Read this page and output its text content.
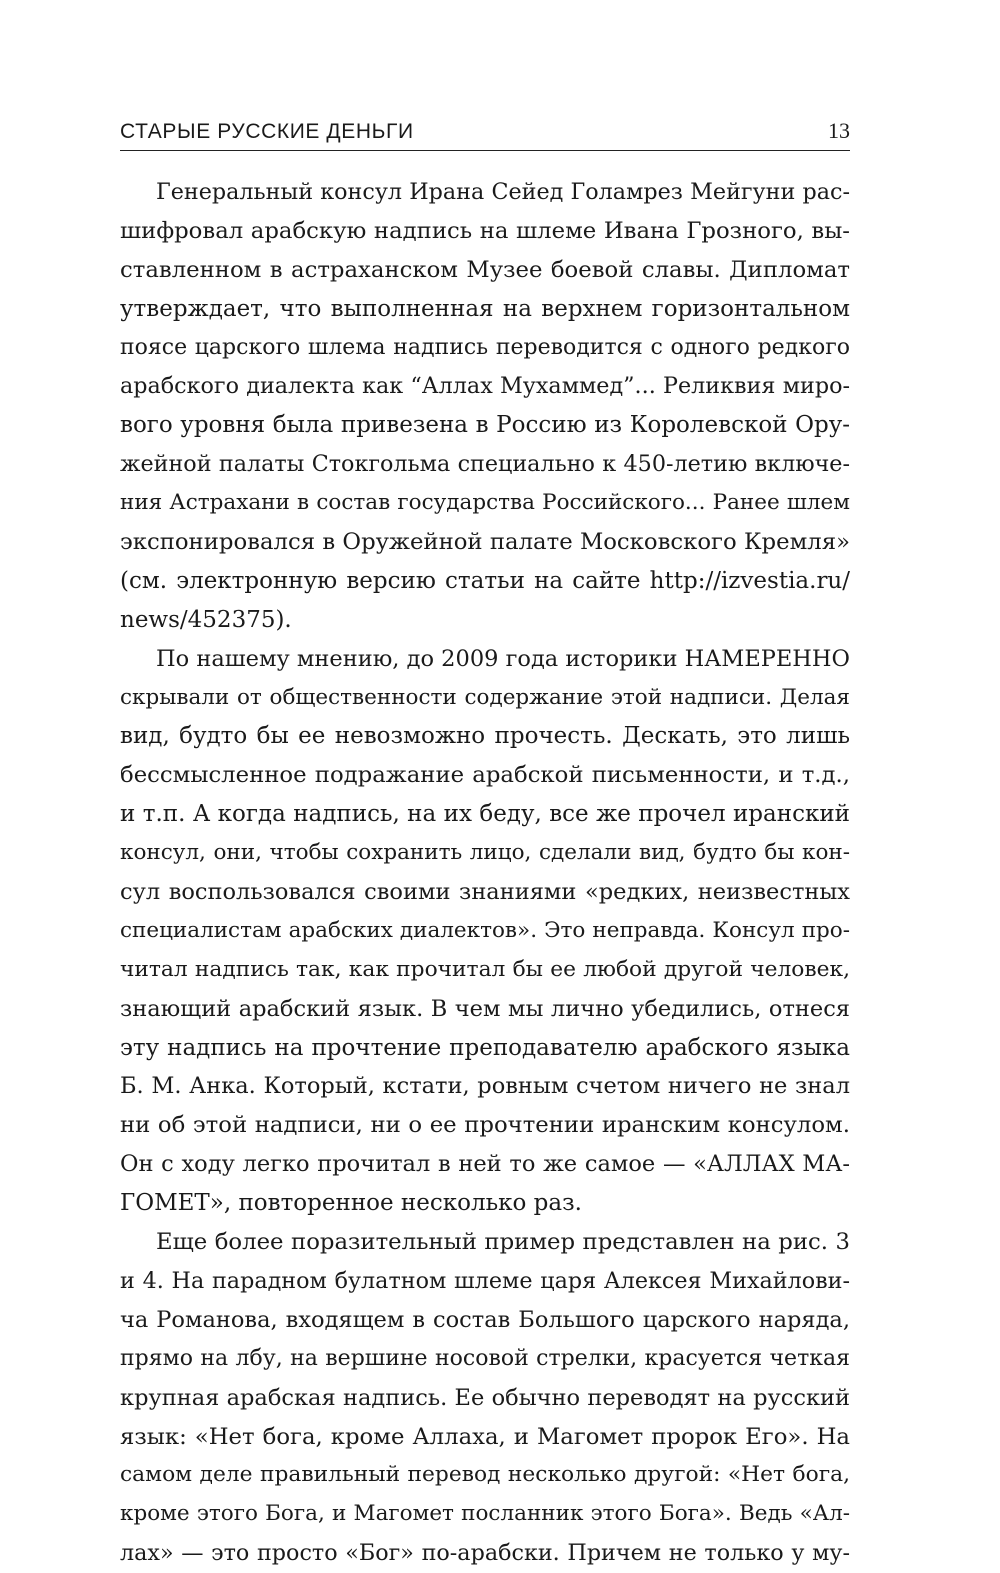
СТАРЫЕ РУССКИЕ ДЕНЬГИ	13
Генеральный консул Ирана Сейед Голамрез Мейгуни рас-
шифровал арабскую надпись на шлеме Ивана Грозного, вы-
ставленном в астраханском Музее боевой славы. Дипломат
утверждает, что выполненная на верхнем горизонтальном
поясе царского шлема надпись переводится с одного редкого
арабского диалекта как “Аллах Мухаммед”... Реликвия миро-
вого уровня была привезена в Россию из Королевской Ору-
жейной палаты Стокгольма специально к 450-летию включе-
ния Астрахани в состав государства Российского... Ранее шлем
экспонировался в Оружейной палате Московского Кремля»
(см. электронную версию статьи на сайте http://izvestia.ru/
news/452375).
По нашему мнению, до 2009 года историки НАМЕРЕННО
скрывали от общественности содержание этой надписи. Делая
вид, будто бы ее невозможно прочесть. Дескать, это лишь
бессмысленное подражание арабской письменности, и т.д.,
и т.п. А когда надпись, на их беду, все же прочел иранский
консул, они, чтобы сохранить лицо, сделали вид, будто бы кон-
сул воспользовался своими знаниями «редких, неизвестных
специалистам арабских диалектов». Это неправда. Консул про-
читал надпись так, как прочитал бы ее любой другой человек,
знающий арабский язык. В чем мы лично убедились, отнеся
эту надпись на прочтение преподавателю арабского языка
Б. М. Анка. Который, кстати, ровным счетом ничего не знал
ни об этой надписи, ни о ее прочтении иранским консулом.
Он с ходу легко прочитал в ней то же самое — «АЛЛАХ МА-
ГОМЕТ», повторенное несколько раз.
Еще более поразительный пример представлен на рис. 3
и 4. На парадном булатном шлеме царя Алексея Михайлови-
ча Романова, входящем в состав Большого царского наряда,
прямо на лбу, на вершине носовой стрелки, красуется четкая
крупная арабская надпись. Ее обычно переводят на русский
язык: «Нет бога, кроме Аллаха, и Магомет пророк Его». На
самом деле правильный перевод несколько другой: «Нет бога,
кроме этого Бога, и Магомет посланник этого Бога». Ведь «Ал-
лах» — это просто «Бог» по-арабски. Причем не только у му-
